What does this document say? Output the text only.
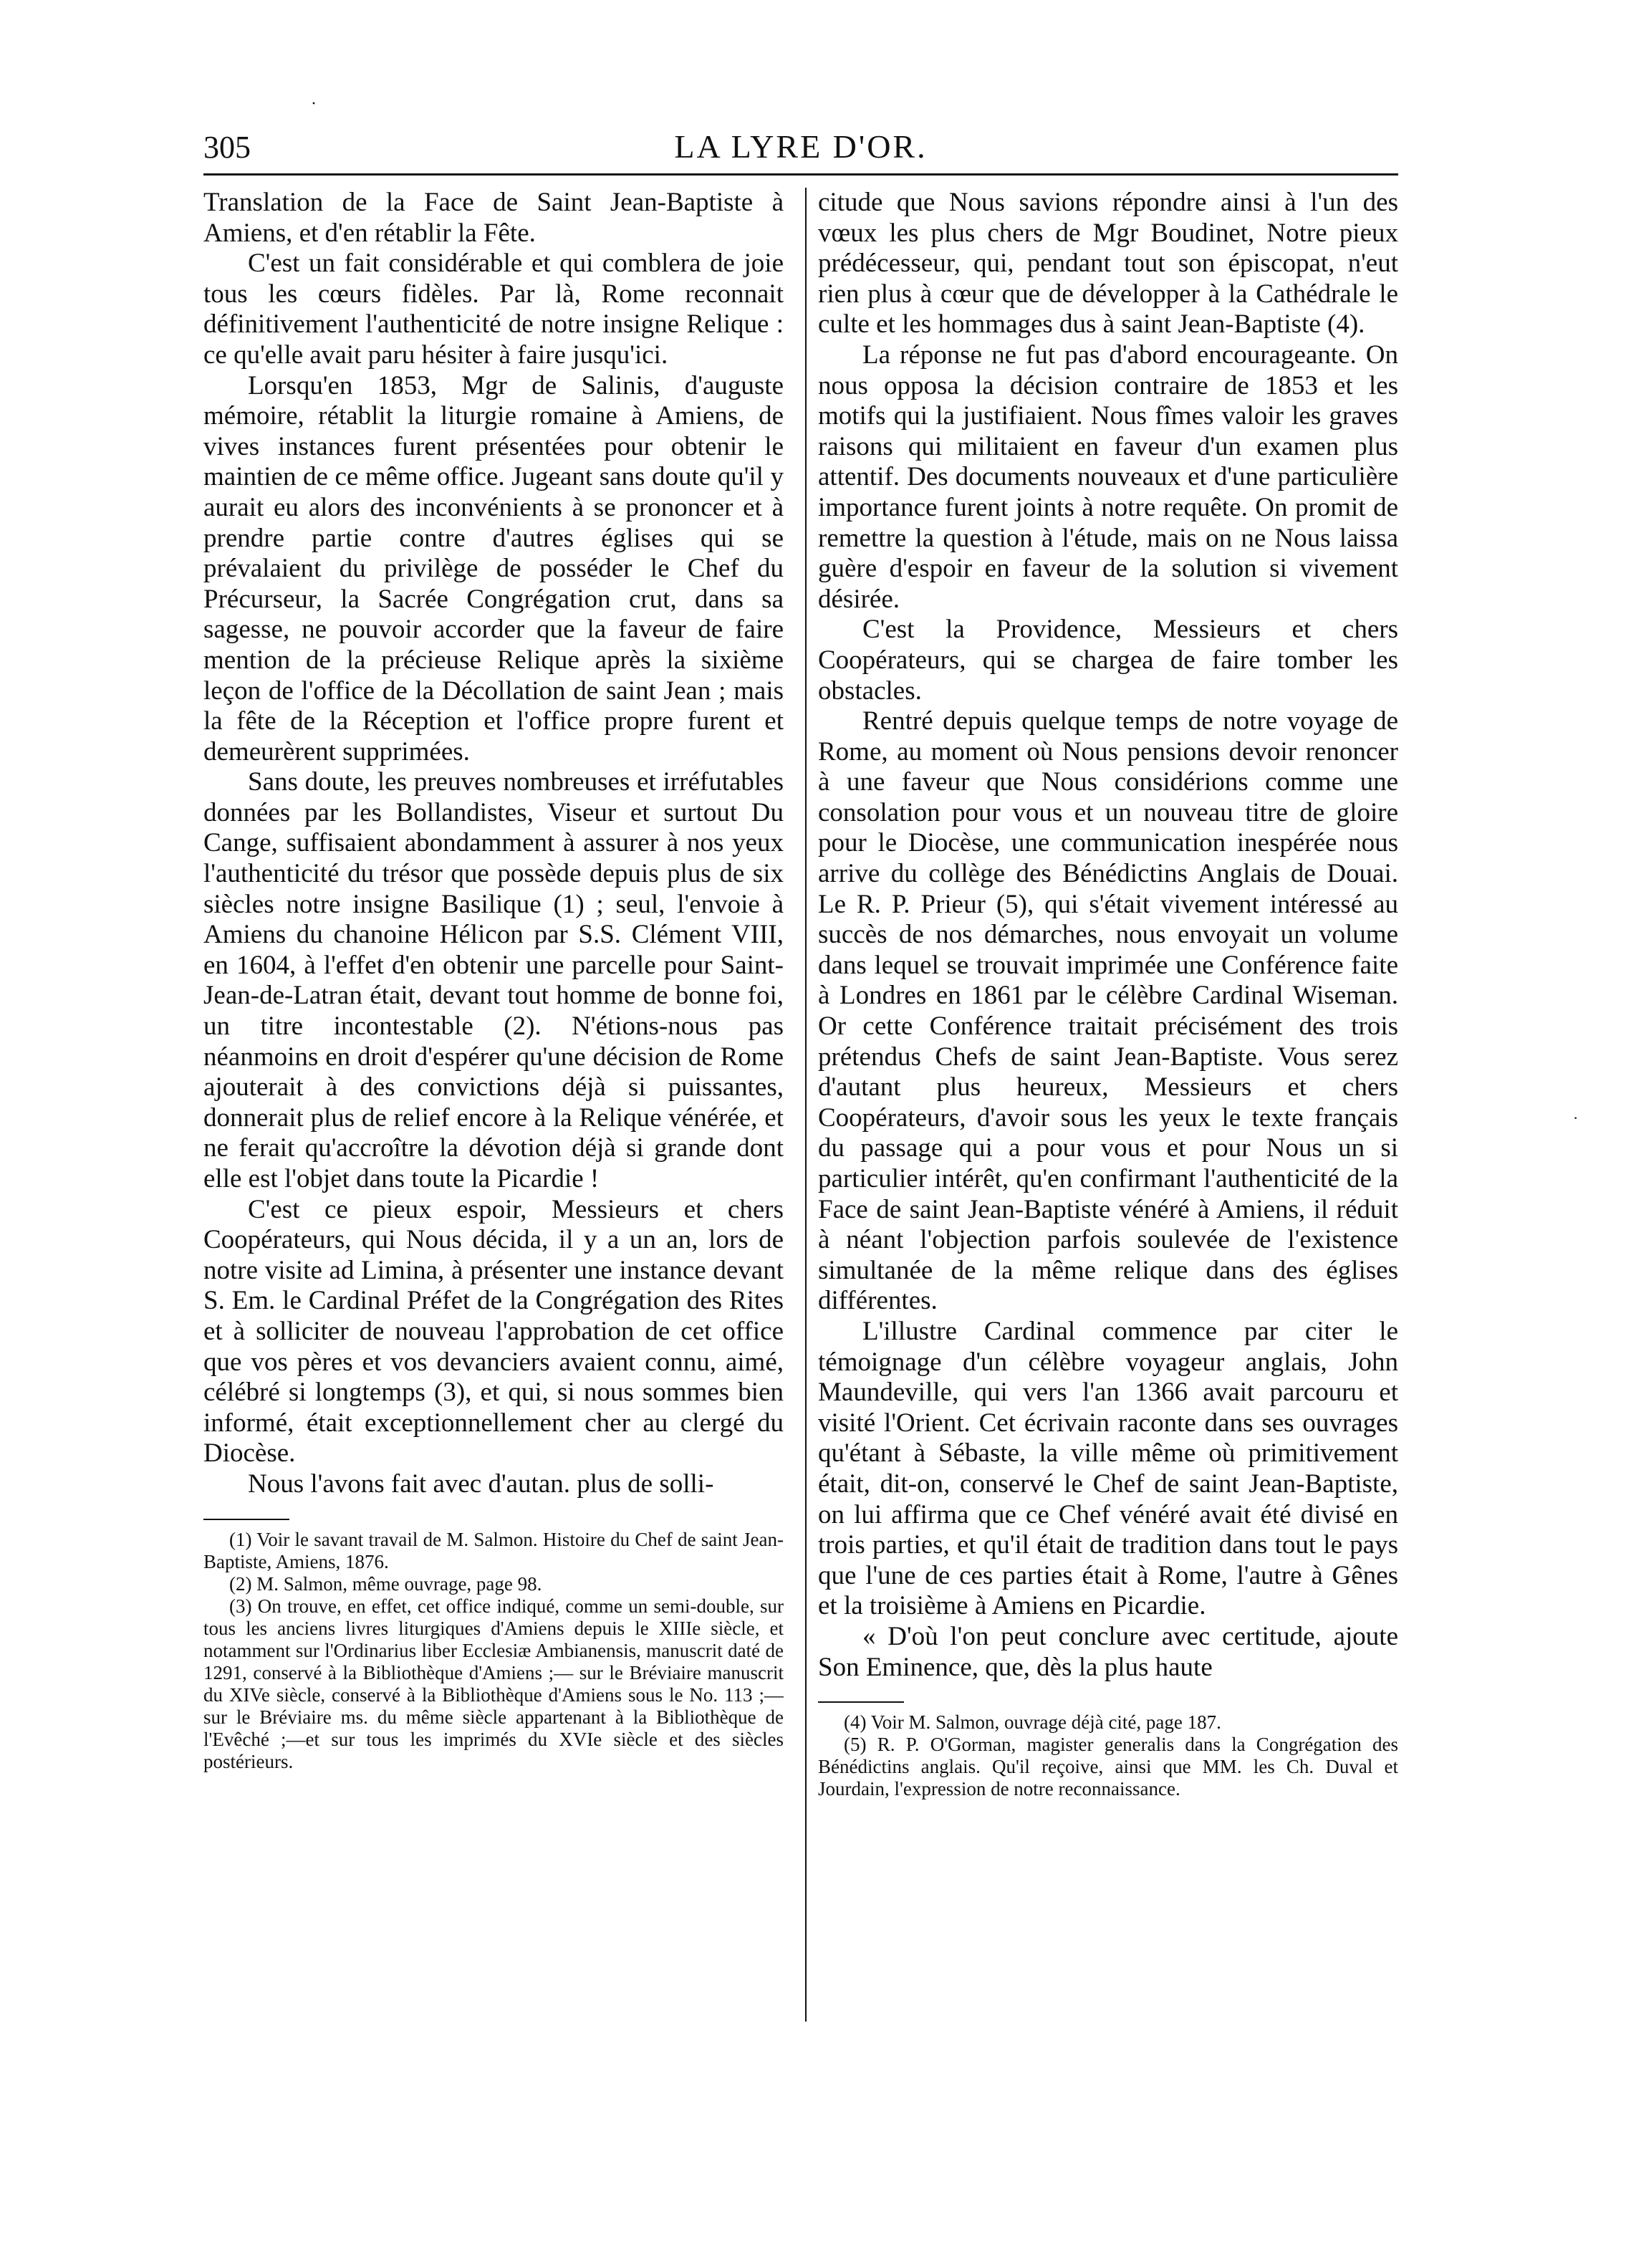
·
305	LA LYRE D'OR.

Translation de la Face de Saint Jean-Baptiste à Amiens, et d'en rétablir la Fête.

C'est un fait considérable et qui comblera de joie tous les cœurs fidèles. Par là, Rome reconnait définitivement l'authenticité de notre insigne Relique : ce qu'elle avait paru hésiter à faire jusqu'ici.

Lorsqu'en 1853, Mgr de Salinis, d'auguste mémoire, rétablit la liturgie romaine à Amiens, de vives instances furent présentées pour obtenir le maintien de ce même office. Jugeant sans doute qu'il y aurait eu alors des inconvénients à se prononcer et à prendre partie contre d'autres églises qui se prévalaient du privilège de posséder le Chef du Précurseur, la Sacrée Congrégation crut, dans sa sagesse, ne pouvoir accorder que la faveur de faire mention de la précieuse Relique après la sixième leçon de l'office de la Décollation de saint Jean ; mais la fête de la Réception et l'office propre furent et demeurèrent supprimées.

Sans doute, les preuves nombreuses et irréfutables données par les Bollandistes, Viseur et surtout Du Cange, suffisaient abondamment à assurer à nos yeux l'authenticité du trésor que possède depuis plus de six siècles notre insigne Basilique (1) ; seul, l'envoie à Amiens du chanoine Hélicon par S.S. Clément VIII, en 1604, à l'effet d'en obtenir une parcelle pour Saint-Jean-de-Latran était, devant tout homme de bonne foi, un titre incontestable (2). N'étions-nous pas néanmoins en droit d'espérer qu'une décision de Rome ajouterait à des convictions déjà si puissantes, donnerait plus de relief encore à la Relique vénérée, et ne ferait qu'accroître la dévotion déjà si grande dont elle est l'objet dans toute la Picardie !

C'est ce pieux espoir, Messieurs et chers Coopérateurs, qui Nous décida, il y a un an, lors de notre visite ad Limina, à présenter une instance devant S. Em. le Cardinal Préfet de la Congrégation des Rites et à solliciter de nouveau l'approbation de cet office que vos pères et vos devanciers avaient connu, aimé, célébré si longtemps (3), et qui, si nous sommes bien informé, était exceptionnellement cher au clergé du Diocèse.

Nous l'avons fait avec d'autan. plus de solli-

(1) Voir le savant travail de M. Salmon. Histoire du Chef de saint Jean-Baptiste, Amiens, 1876.

(2) M. Salmon, même ouvrage, page 98.

(3) On trouve, en effet, cet office indiqué, comme un semi-double, sur tous les anciens livres liturgiques d'Amiens depuis le XIIIe siècle, et notamment sur l'Ordinarius liber Ecclesiæ Ambianensis, manuscrit daté de 1291, conservé à la Bibliothèque d'Amiens ;— sur le Bréviaire manuscrit du XIVe siècle, conservé à la Bibliothèque d'Amiens sous le No. 113 ;—sur le Bréviaire ms. du même siècle appartenant à la Bibliothèque de l'Evêché ;—et sur tous les imprimés du XVIe siècle et des siècles postérieurs.

citude que Nous savions répondre ainsi à l'un des vœux les plus chers de Mgr Boudinet, Notre pieux prédécesseur, qui, pendant tout son épiscopat, n'eut rien plus à cœur que de développer à la Cathédrale le culte et les hommages dus à saint Jean-Baptiste (4).

La réponse ne fut pas d'abord encourageante. On nous opposa la décision contraire de 1853 et les motifs qui la justifiaient. Nous fîmes valoir les graves raisons qui militaient en faveur d'un examen plus attentif. Des documents nouveaux et d'une particulière importance furent joints à notre requête. On promit de remettre la question à l'étude, mais on ne Nous laissa guère d'espoir en faveur de la solution si vivement désirée.

C'est la Providence, Messieurs et chers Coopérateurs, qui se chargea de faire tomber les obstacles.

Rentré depuis quelque temps de notre voyage de Rome, au moment où Nous pensions devoir renoncer à une faveur que Nous considérions comme une consolation pour vous et un nouveau titre de gloire pour le Diocèse, une communication inespérée nous arrive du collège des Bénédictins Anglais de Douai. Le R. P. Prieur (5), qui s'était vivement intéressé au succès de nos démarches, nous envoyait un volume dans lequel se trouvait imprimée une Conférence faite à Londres en 1861 par le célèbre Cardinal Wiseman. Or cette Conférence traitait précisément des trois prétendus Chefs de saint Jean-Baptiste. Vous serez d'autant plus heureux, Messieurs et chers Coopérateurs, d'avoir sous les yeux le texte français du passage qui a pour vous et pour Nous un si particulier intérêt, qu'en confirmant l'authenticité de la Face de saint Jean-Baptiste vénéré à Amiens, il réduit à néant l'objection parfois soulevée de l'existence simultanée de la même relique dans des églises différentes.

L'illustre Cardinal commence par citer le témoignage d'un célèbre voyageur anglais, John Maundeville, qui vers l'an 1366 avait parcouru et visité l'Orient. Cet écrivain raconte dans ses ouvrages qu'étant à Sébaste, la ville même où primitivement était, dit-on, conservé le Chef de saint Jean-Baptiste, on lui affirma que ce Chef vénéré avait été divisé en trois parties, et qu'il était de tradition dans tout le pays que l'une de ces parties était à Rome, l'autre à Gênes et la troisième à Amiens en Picardie.

« D'où l'on peut conclure avec certitude, ajoute Son Eminence, que, dès la plus haute

(4) Voir M. Salmon, ouvrage déjà cité, page 187.

(5) R. P. O'Gorman, magister generalis dans la Congrégation des Bénédictins anglais. Qu'il reçoive, ainsi que MM. les Ch. Duval et Jourdain, l'expression de notre reconnaissance.

·
